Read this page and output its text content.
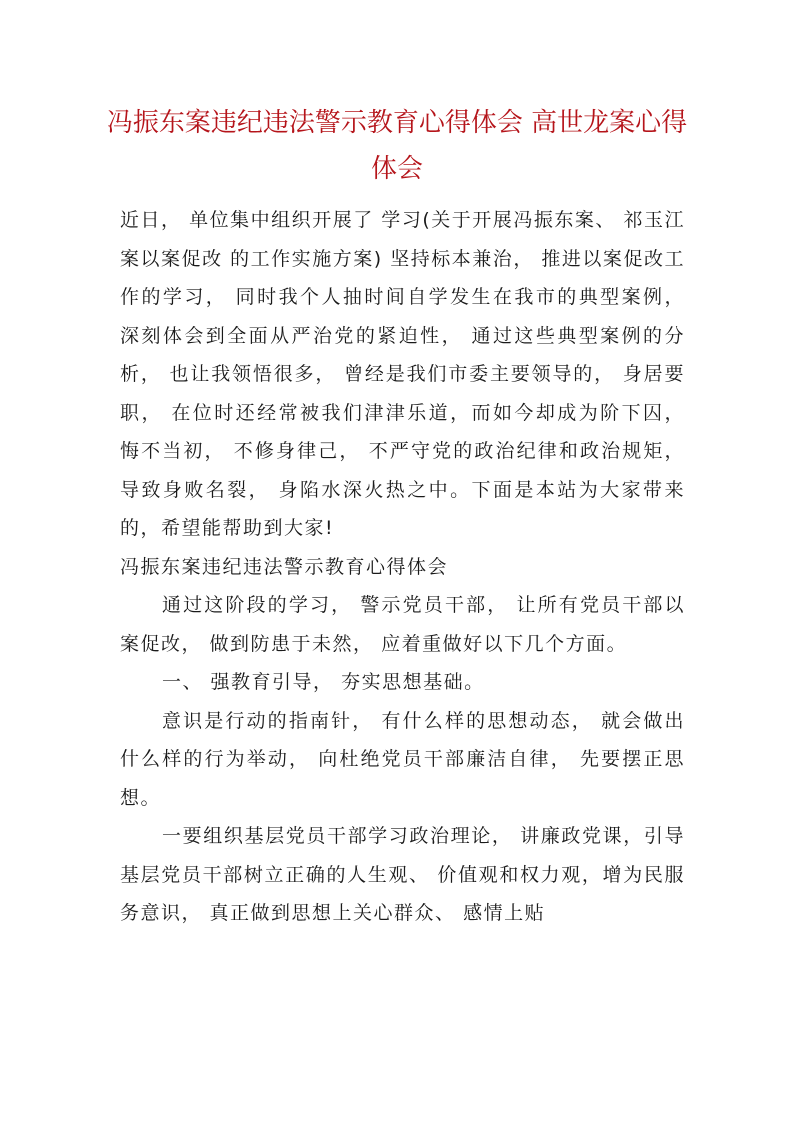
冯振东案违纪违法警示教育心得体会 高世龙案心得体会

近日， 单位集中组织开展了 学习(关于开展冯振东案、 祁玉江案以案促改 的工作实施方案) 坚持标本兼治， 推进以案促改工作的学习， 同时我个人抽时间自学发生在我市的典型案例， 深刻体会到全面从严治党的紧迫性， 通过这些典型案例的分析， 也让我领悟很多， 曾经是我们市委主要领导的， 身居要职， 在位时还经常被我们津津乐道，而如今却成为阶下囚， 悔不当初， 不修身律己， 不严守党的政治纪律和政治规矩， 导致身败名裂， 身陷水深火热之中。下面是本站为大家带来的，希望能帮助到大家!

冯振东案违纪违法警示教育心得体会

通过这阶段的学习， 警示党员干部， 让所有党员干部以案促改， 做到防患于未然， 应着重做好以下几个方面。

一、 强教育引导， 夯实思想基础。

意识是行动的指南针， 有什么样的思想动态， 就会做出什么样的行为举动， 向杜绝党员干部廉洁自律， 先要摆正思想。

一要组织基层党员干部学习政治理论， 讲廉政党课，引导基层党员干部树立正确的人生观、 价值观和权力观，增为民服务意识， 真正做到思想上关心群众、 感情上贴
